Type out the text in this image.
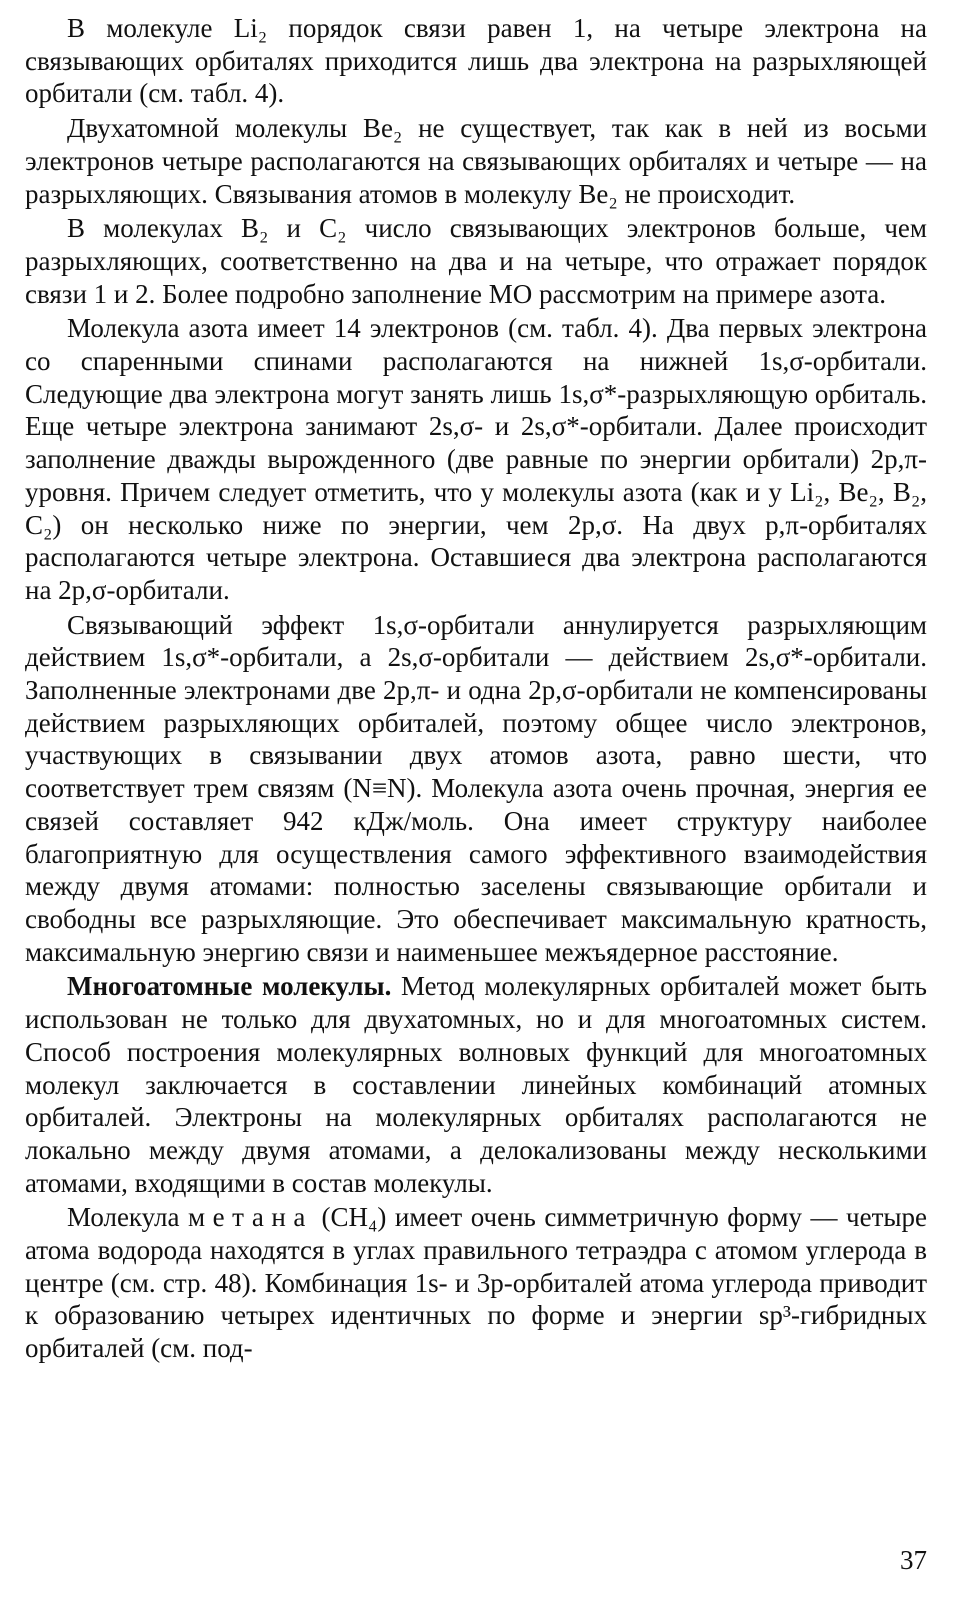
В молекуле Li₂ порядок связи равен 1, на четыре электрона на связывающих орбиталях приходится лишь два электрона на разрыхляющей орбитали (см. табл. 4).

Двухатомной молекулы Be₂ не существует, так как в ней из восьми электронов четыре располагаются на связывающих орбиталях и четыре — на разрыхляющих. Связывания атомов в молекулу Be₂ не происходит.

В молекулах B₂ и C₂ число связывающих электронов больше, чем разрыхляющих, соответственно на два и на четыре, что отражает порядок связи 1 и 2. Более подробно заполнение МО рассмотрим на примере азота.

Молекула азота имеет 14 электронов (см. табл. 4). Два первых электрона со спаренными спинами располагаются на нижней 1s,σ-орбитали. Следующие два электрона могут занять лишь 1s,σ*-разрыхляющую орбиталь. Еще четыре электрона занимают 2s,σ- и 2s,σ*-орбитали. Далее происходит заполнение дважды вырожденного (две равные по энергии орбитали) 2p,π-уровня. Причем следует отметить, что у молекулы азота (как и у Li₂, Be₂, B₂, C₂) он несколько ниже по энергии, чем 2p,σ. На двух p,π-орбиталях располагаются четыре электрона. Оставшиеся два электрона располагаются на 2p,σ-орбитали.

Связывающий эффект 1s,σ-орбитали аннулируется разрыхляющим действием 1s,σ*-орбитали, а 2s,σ-орбитали — действием 2s,σ*-орбитали. Заполненные электронами две 2p,π- и одна 2p,σ-орбитали не компенсированы действием разрыхляющих орбиталей, поэтому общее число электронов, участвующих в связывании двух атомов азота, равно шести, что соответствует трем связям (N≡N). Молекула азота очень прочная, энергия ее связей составляет 942 кДж/моль. Она имеет структуру наиболее благоприятную для осуществления самого эффективного взаимодействия между двумя атомами: полностью заселены связывающие орбитали и свободны все разрыхляющие. Это обеспечивает максимальную кратность, максимальную энергию связи и наименьшее межъядерное расстояние.

Многоатомные молекулы. Метод молекулярных орбиталей может быть использован не только для двухатомных, но и для многоатомных систем. Способ построения молекулярных волновых функций для многоатомных молекул заключается в составлении линейных комбинаций атомных орбиталей. Электроны на молекулярных орбиталях располагаются не локально между двумя атомами, а делокализованы между несколькими атомами, входящими в состав молекулы.

Молекула метана (CH₄) имеет очень симметричную форму — четыре атома водорода находятся в углах правильного тетраэдра с атомом углерода в центре (см. стр. 48). Комбинация 1s- и 3p-орбиталей атома углерода приводит к образованию четырех идентичных по форме и энергии sp³-гибридных орбиталей (см. под-

37
